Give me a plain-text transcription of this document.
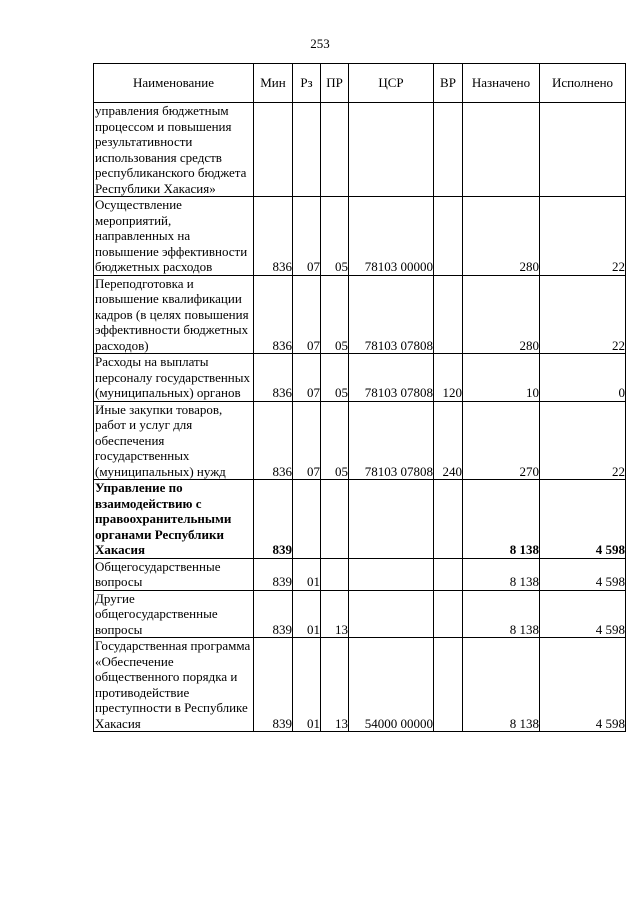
253
Наименование	Мин	Рз	ПР	ЦСР	ВР	Назначено	Исполнено
управления бюджетным процессом и повышения результативности использования средств республиканского бюджета Республики Хакасия»							
Осуществление мероприятий, направленных на повышение эффективности бюджетных расходов	836	07	05	78103 00000		280	22
Переподготовка и повышение квалификации кадров (в целях повышения эффективности бюджетных расходов)	836	07	05	78103 07808		280	22
Расходы на выплаты персоналу государственных (муниципальных) органов	836	07	05	78103 07808	120	10	0
Иные закупки товаров, работ и услуг для обеспечения государственных (муниципальных) нужд	836	07	05	78103 07808	240	270	22
Управление по взаимодействию с правоохранительными органами Республики Хакасия	839					8 138	4 598
Общегосударственные вопросы	839	01				8 138	4 598
Другие общегосударственные вопросы	839	01	13			8 138	4 598
Государственная программа «Обеспечение общественного порядка и противодействие преступности в Республике Хакасия	839	01	13	54000 00000		8 138	4 598
